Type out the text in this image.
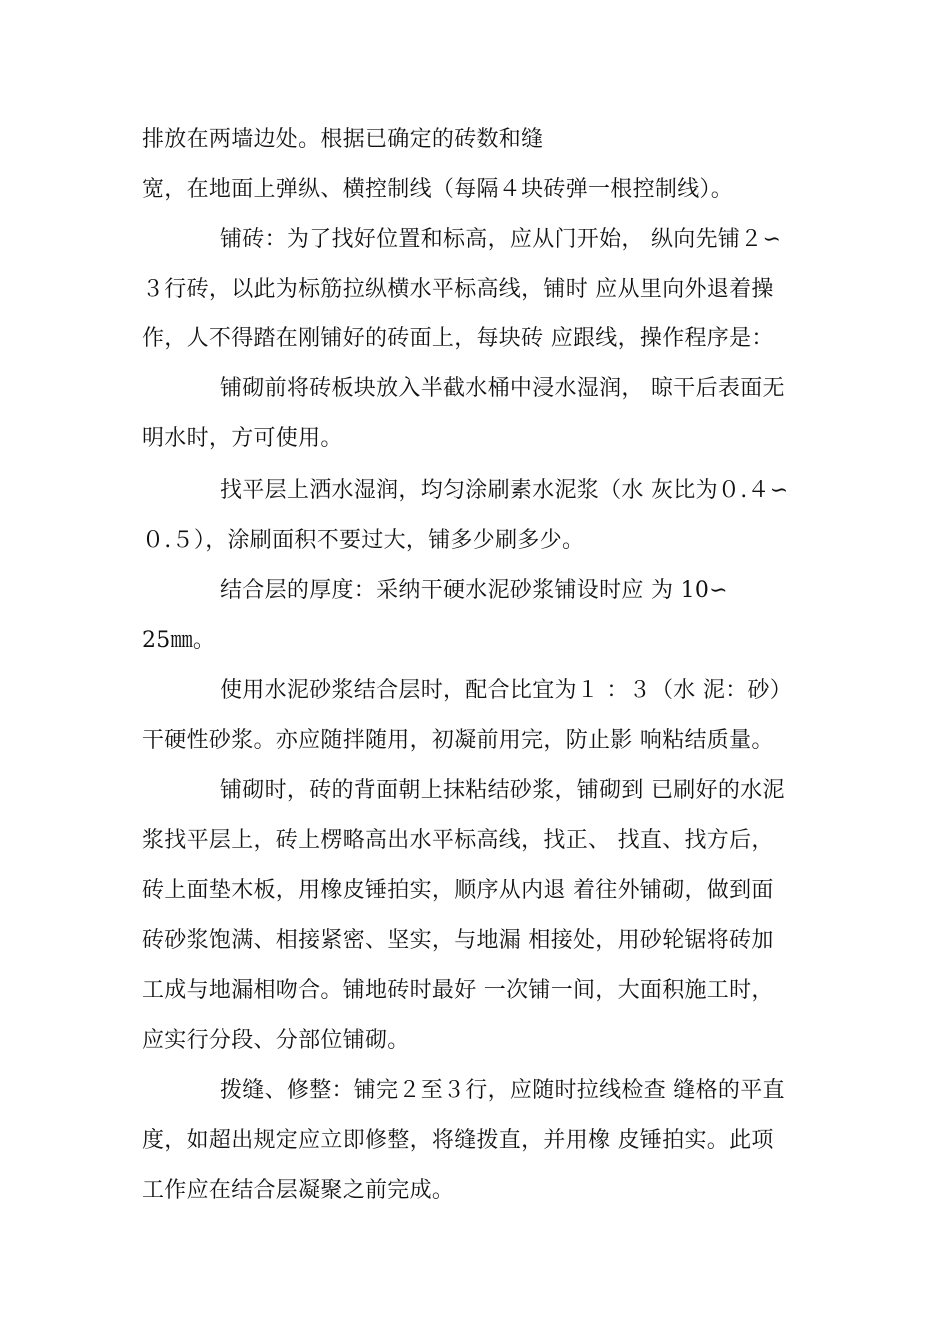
排放在两墙边处。根据已确定的砖数和缝
宽，在地面上弹纵、横控制线（每隔４块砖弹一根控制线）。
铺砖：为了找好位置和标高，应从门开始， 纵向先铺２∽
３行砖，以此为标筋拉纵横水平标高线，铺时 应从里向外退着操
作，人不得踏在刚铺好的砖面上，每块砖 应跟线，操作程序是：
铺砌前将砖板块放入半截水桶中浸水湿润， 晾干后表面无
明水时，方可使用。
找平层上洒水湿润，均匀涂刷素水泥浆（水 灰比为０.４∽
０.５），涂刷面积不要过大，铺多少刷多少。
结合层的厚度：采纳干硬水泥砂浆铺设时应 为 10∽
25㎜。
使用水泥砂浆结合层时，配合比宜为１ ：３（水 泥：砂）
干硬性砂浆。亦应随拌随用，初凝前用完，防止影 响粘结质量。
铺砌时，砖的背面朝上抹粘结砂浆，铺砌到 已刷好的水泥
浆找平层上，砖上楞略高出水平标高线，找正、 找直、找方后，
砖上面垫木板，用橡皮锤拍实，顺序从内退 着往外铺砌，做到面
砖砂浆饱满、相接紧密、坚实，与地漏 相接处，用砂轮锯将砖加
工成与地漏相吻合。铺地砖时最好 一次铺一间，大面积施工时，
应实行分段、分部位铺砌。
拨缝、修整：铺完２至３行，应随时拉线检查 缝格的平直
度，如超出规定应立即修整，将缝拨直，并用橡 皮锤拍实。此项
工作应在结合层凝聚之前完成。
